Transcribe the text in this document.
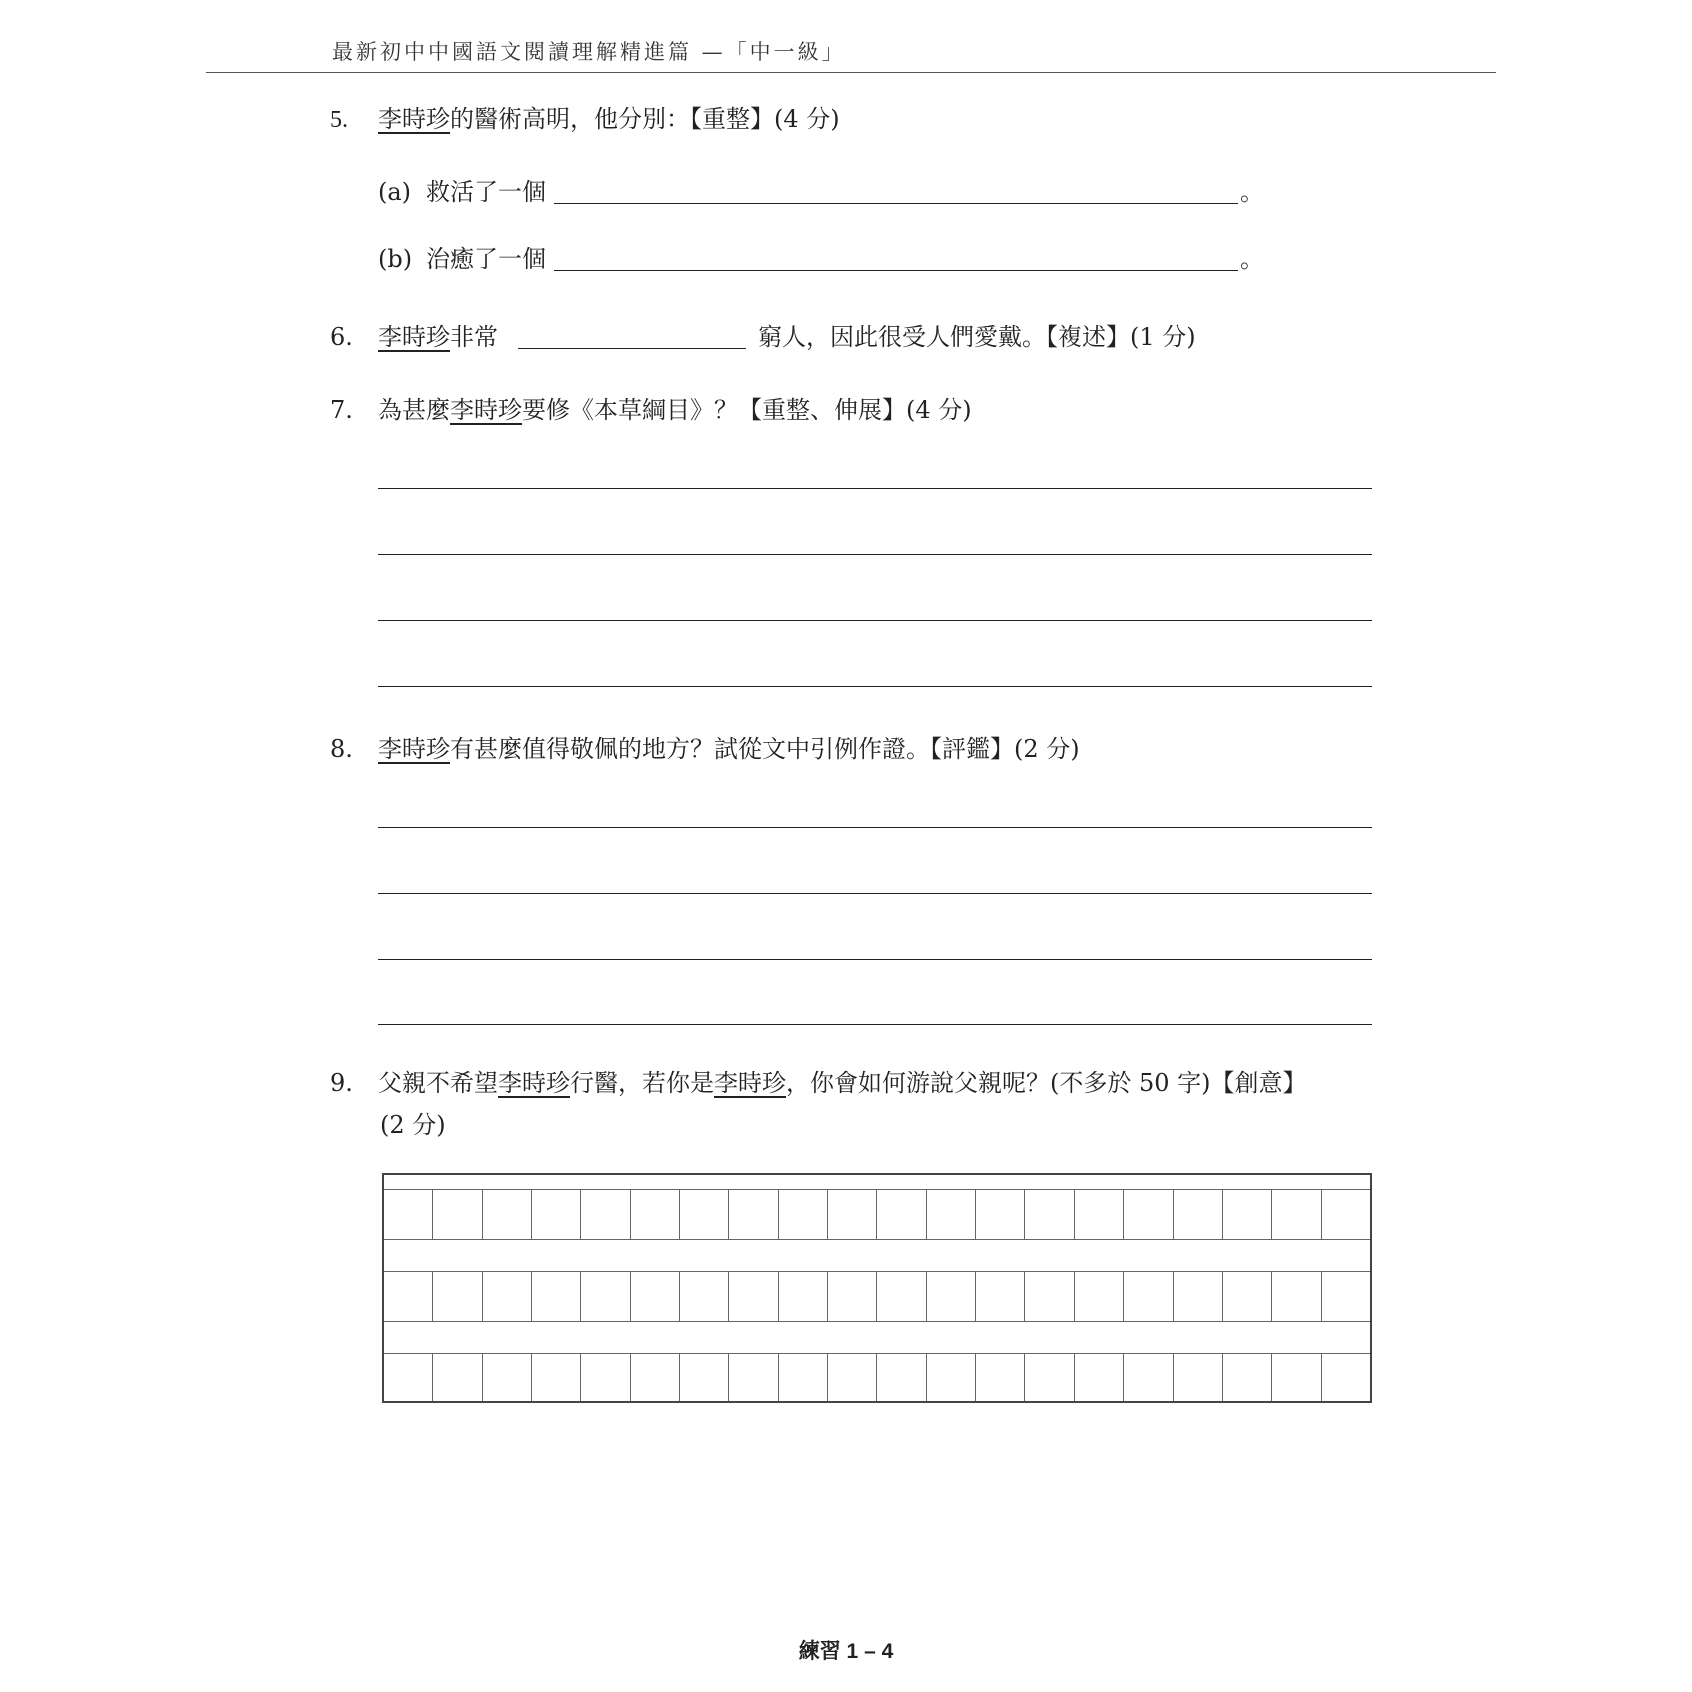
最新初中中國語文閱讀理解精進篇 —「中一級」
5. 李時珍的醫術高明，他分別：【重整】(4 分)
(a) 救活了一個	。
(b) 治癒了一個	。
6. 李時珍非常	窮人，因此很受人們愛戴。【複述】(1 分)
7. 為甚麼李時珍要修《本草綱目》？【重整、伸展】(4 分)
8. 李時珍有甚麼值得敬佩的地方？試從文中引例作證。【評鑑】(2 分)
9. 父親不希望李時珍行醫，若你是李時珍，你會如何游說父親呢？(不多於 50 字)【創意】
(2 分)
練習 1 – 4
